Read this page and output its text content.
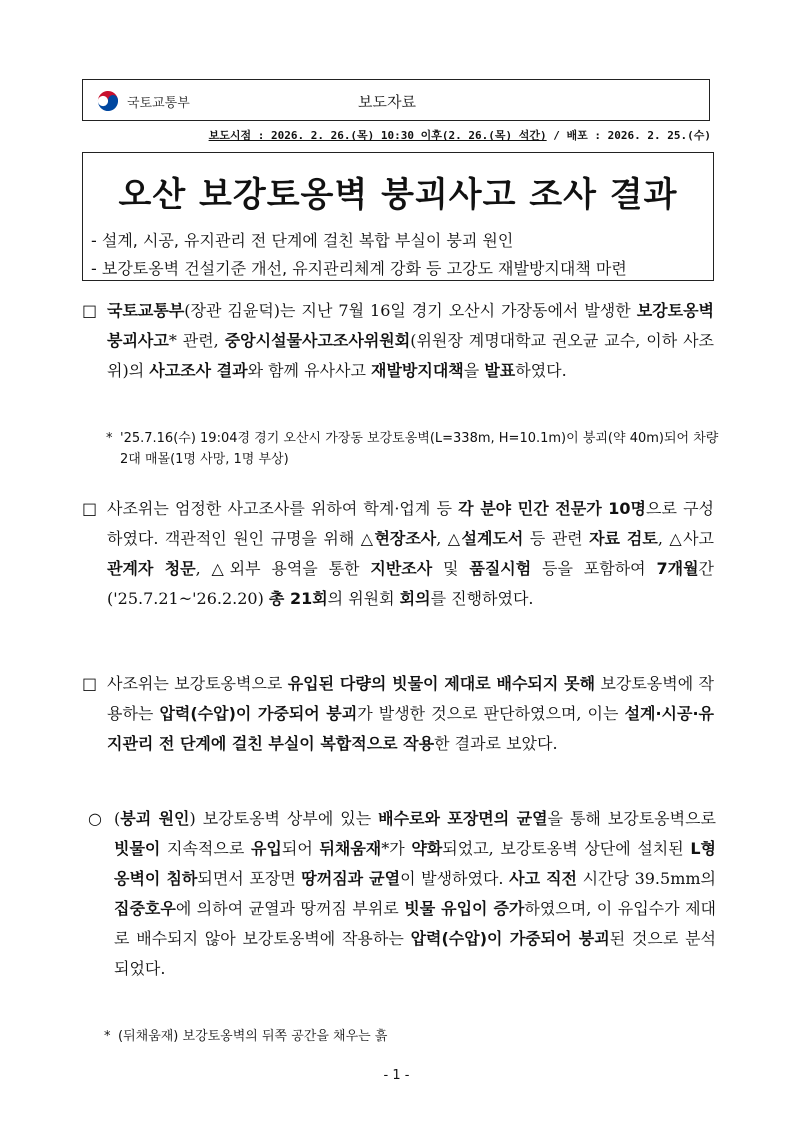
국토교통부	보도자료
보도시점 : 2026. 2. 26.(목) 10:30 이후(2. 26.(목) 석간) / 배포 : 2026. 2. 25.(수)
오산 보강토옹벽 붕괴사고 조사 결과
- 설계, 시공, 유지관리 전 단계에 걸친 복합 부실이 붕괴 원인
- 보강토옹벽 건설기준 개선, 유지관리체계 강화 등 고강도 재발방지대책 마련
□ 국토교통부(장관 김윤덕)는 지난 7월 16일 경기 오산시 가장동에서 발생한 보강토옹벽 붕괴사고* 관련, 중앙시설물사고조사위원회(위원장 계명대학교 권오균 교수, 이하 사조위)의 사고조사 결과와 함께 유사사고 재발방지대책을 발표하였다.
* '25.7.16(수) 19:04경 경기 오산시 가장동 보강토옹벽(L=338m, H=10.1m)이 붕괴(약 40m)되어 차량 2대 매몰(1명 사망, 1명 부상)
□ 사조위는 엄정한 사고조사를 위하여 학계·업계 등 각 분야 민간 전문가 10명으로 구성하였다. 객관적인 원인 규명을 위해 △현장조사, △설계도서 등 관련 자료 검토, △사고 관계자 청문, △외부 용역을 통한 지반조사 및 품질시험 등을 포함하여 7개월간('25.7.21~'26.2.20) 총 21회의 위원회 회의를 진행하였다.
□ 사조위는 보강토옹벽으로 유입된 다량의 빗물이 제대로 배수되지 못해 보강토옹벽에 작용하는 압력(수압)이 가중되어 붕괴가 발생한 것으로 판단하였으며, 이는 설계·시공·유지관리 전 단계에 걸친 부실이 복합적으로 작용한 결과로 보았다.
○ (붕괴 원인) 보강토옹벽 상부에 있는 배수로와 포장면의 균열을 통해 보강토옹벽으로 빗물이 지속적으로 유입되어 뒤채움재*가 약화되었고, 보강토옹벽 상단에 설치된 L형 옹벽이 침하되면서 포장면 땅꺼짐과 균열이 발생하였다. 사고 직전 시간당 39.5mm의 집중호우에 의하여 균열과 땅꺼짐 부위로 빗물 유입이 증가하였으며, 이 유입수가 제대로 배수되지 않아 보강토옹벽에 작용하는 압력(수압)이 가중되어 붕괴된 것으로 분석되었다.
* (뒤채움재) 보강토옹벽의 뒤쪽 공간을 채우는 흙
- 1 -
